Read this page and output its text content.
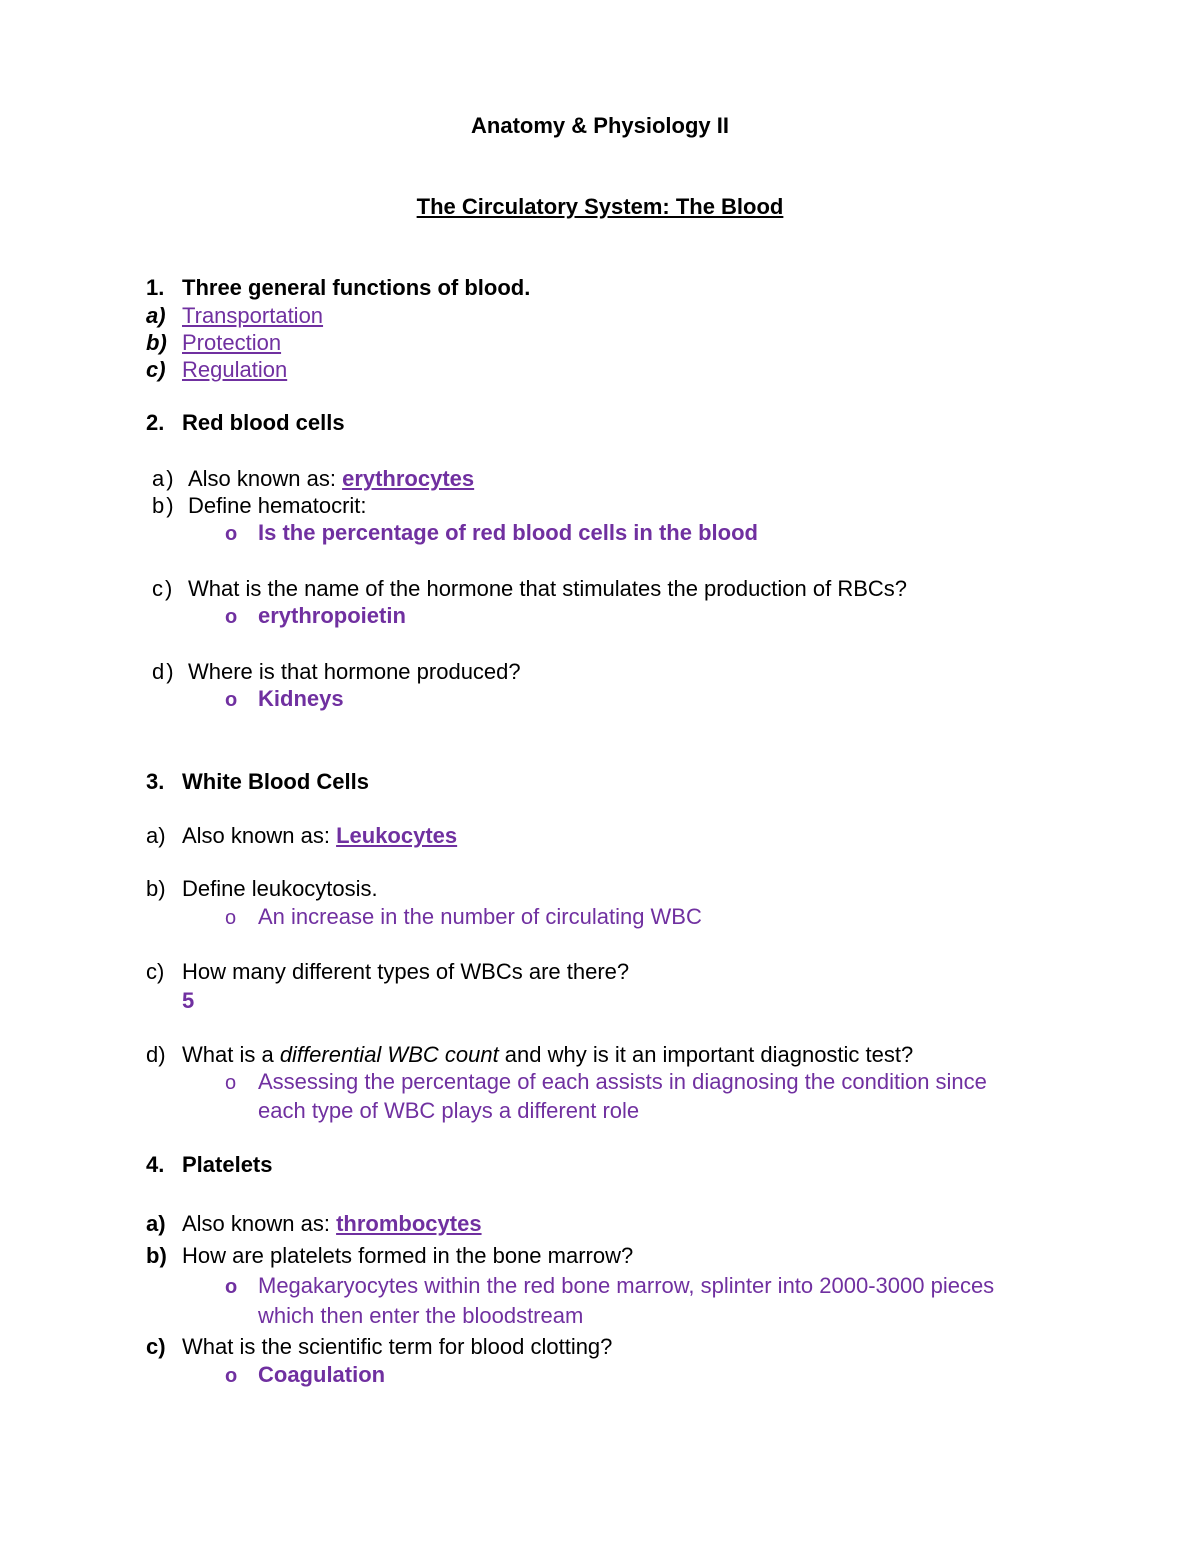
Anatomy & Physiology II
The Circulatory System: The Blood
1. Three general functions of blood.
a) Transportation
b) Protection
c) Regulation
2. Red blood cells
a) Also known as: erythrocytes
b) Define hematocrit:
o Is the percentage of red blood cells in the blood
c) What is the name of the hormone that stimulates the production of RBCs?
o erythropoietin
d) Where is that hormone produced?
o Kidneys
3. White Blood Cells
a) Also known as: Leukocytes
b) Define leukocytosis.
o An increase in the number of circulating WBC
c) How many different types of WBCs are there?
5
d) What is a differential WBC count and why is it an important diagnostic test?
o Assessing the percentage of each assists in diagnosing the condition since
each type of WBC plays a different role
4. Platelets
a) Also known as: thrombocytes
b) How are platelets formed in the bone marrow?
o Megakaryocytes within the red bone marrow, splinter into 2000-3000 pieces
which then enter the bloodstream
c) What is the scientific term for blood clotting?
o Coagulation
